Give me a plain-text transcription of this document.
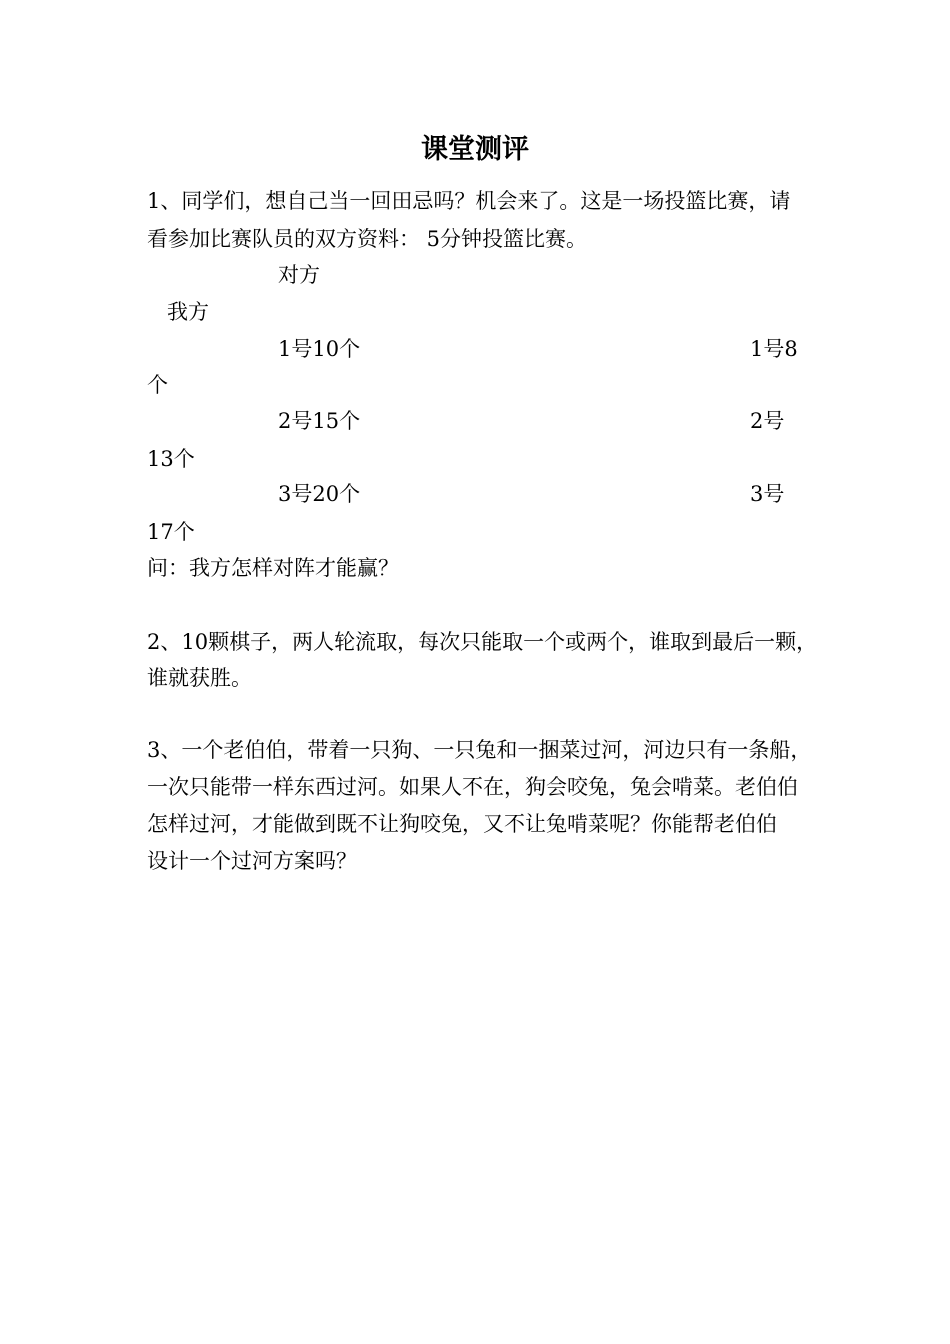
课堂测评
1、同学们，想自己当一回田忌吗？机会来了。这是一场投篮比赛，请
看参加比赛队员的双方资料： 5分钟投篮比赛。
对方
我方
1号10个	1号8
个
2号15个	2号
13个
3号20个	3号
17个
问：我方怎样对阵才能赢？
2、10颗棋子，两人轮流取，每次只能取一个或两个，谁取到最后一颗，
谁就获胜。
3、一个老伯伯，带着一只狗、一只兔和一捆菜过河，河边只有一条船，
一次只能带一样东西过河。如果人不在，狗会咬兔，兔会啃菜。老伯伯
怎样过河，才能做到既不让狗咬兔，又不让兔啃菜呢？你能帮老伯伯
设计一个过河方案吗？
